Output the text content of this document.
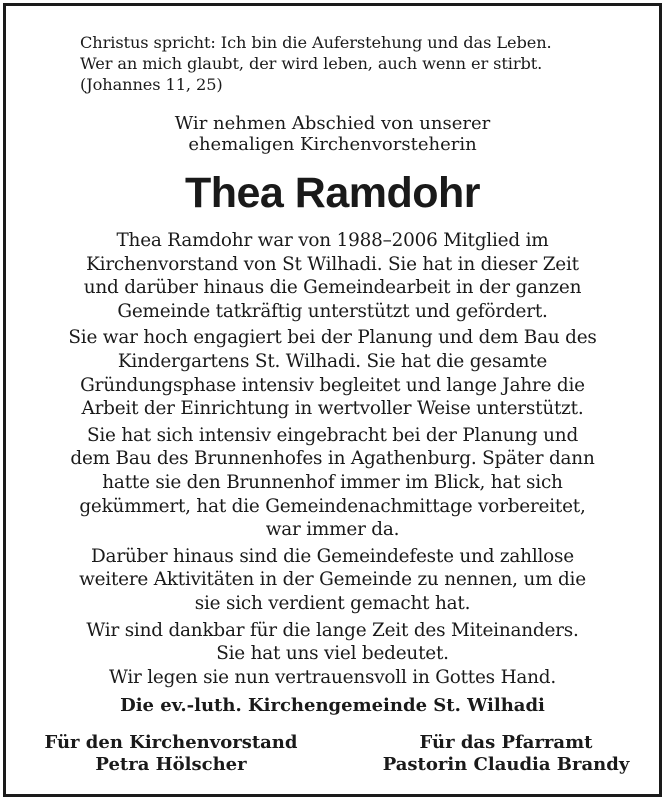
Christus spricht: Ich bin die Auferstehung und das Leben.
Wer an mich glaubt, der wird leben, auch wenn er stirbt.
(Johannes 11, 25)
Wir nehmen Abschied von unserer
ehemaligen Kirchenvorsteherin
Thea Ramdohr
Thea Ramdohr war von 1988–2006 Mitglied im
Kirchenvorstand von St Wilhadi. Sie hat in dieser Zeit
und darüber hinaus die Gemeindearbeit in der ganzen
Gemeinde tatkräftig unterstützt und gefördert.
Sie war hoch engagiert bei der Planung und dem Bau des
Kindergartens St. Wilhadi. Sie hat die gesamte
Gründungsphase intensiv begleitet und lange Jahre die
Arbeit der Einrichtung in wertvoller Weise unterstützt.
Sie hat sich intensiv eingebracht bei der Planung und
dem Bau des Brunnenhofes in Agathenburg. Später dann
hatte sie den Brunnenhof immer im Blick, hat sich
gekümmert, hat die Gemeindenachmittage vorbereitet,
war immer da.
Darüber hinaus sind die Gemeindefeste und zahllose
weitere Aktivitäten in der Gemeinde zu nennen, um die
sie sich verdient gemacht hat.
Wir sind dankbar für die lange Zeit des Miteinanders.
Sie hat uns viel bedeutet.
Wir legen sie nun vertrauensvoll in Gottes Hand.
Die ev.-luth. Kirchengemeinde St. Wilhadi
Für den Kirchenvorstand
Petra Hölscher
Für das Pfarramt
Pastorin Claudia Brandy
